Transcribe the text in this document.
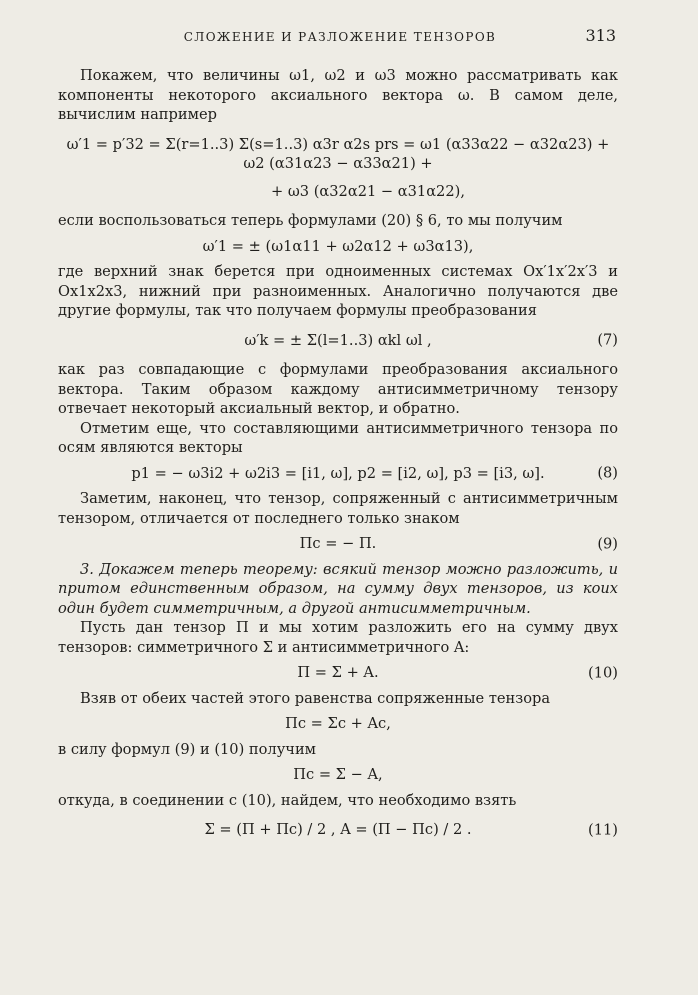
СЛОЖЕНИЕ И РАЗЛОЖЕНИЕ ТЕНЗОРОВ	313

Покажем, что величины ω1, ω2 и ω3 можно рассматривать как компоненты некоторого аксиального вектора ω. В самом деле, вычислим например

ω′1 = p′32 = Σ(r=1..3) Σ(s=1..3) α3r α2s prs = ω1 (α33α22 − α32α23) + ω2 (α31α23 − α33α21) +
+ ω3 (α32α21 − α31α22),

если воспользоваться теперь формулами (20) § 6, то мы получим

ω′1 = ± (ω1α11 + ω2α12 + ω3α13),

где верхний знак берется при одноименных системах Ox′1x′2x′3 и Ox1x2x3, нижний при разноименных. Аналогично получаются две другие формулы, так что получаем формулы преобразования

ω′k = ± Σ(l=1..3) αkl ωl ,	(7)

как раз совпадающие с формулами преобразования аксиального вектора. Таким образом каждому антисимметричному тензору отвечает некоторый аксиальный вектор, и обратно.

Отметим еще, что составляющими антисимметричного тензора по осям являются векторы

p1 = − ω3i2 + ω2i3 = [i1, ω], p2 = [i2, ω], p3 = [i3, ω].	(8)

Заметим, наконец, что тензор, сопряженный с антисимметричным тензором, отличается от последнего только знаком

Пc = − П.	(9)

3. Докажем теперь теорему: всякий тензор можно разложить, и притом единственным образом, на сумму двух тензоров, из коих один будет симметричным, а другой антисимметричным.

Пусть дан тензор П и мы хотим разложить его на сумму двух тензоров: симметричного Σ и антисимметричного A:

П = Σ + A.	(10)

Взяв от обеих частей этого равенства сопряженные тензора

Пc = Σc + Ac,

в силу формул (9) и (10) получим

Пc = Σ − A,

откуда, в соединении с (10), найдем, что необходимо взять

Σ = (П + Пc) / 2 , A = (П − Пc) / 2 .	(11)
